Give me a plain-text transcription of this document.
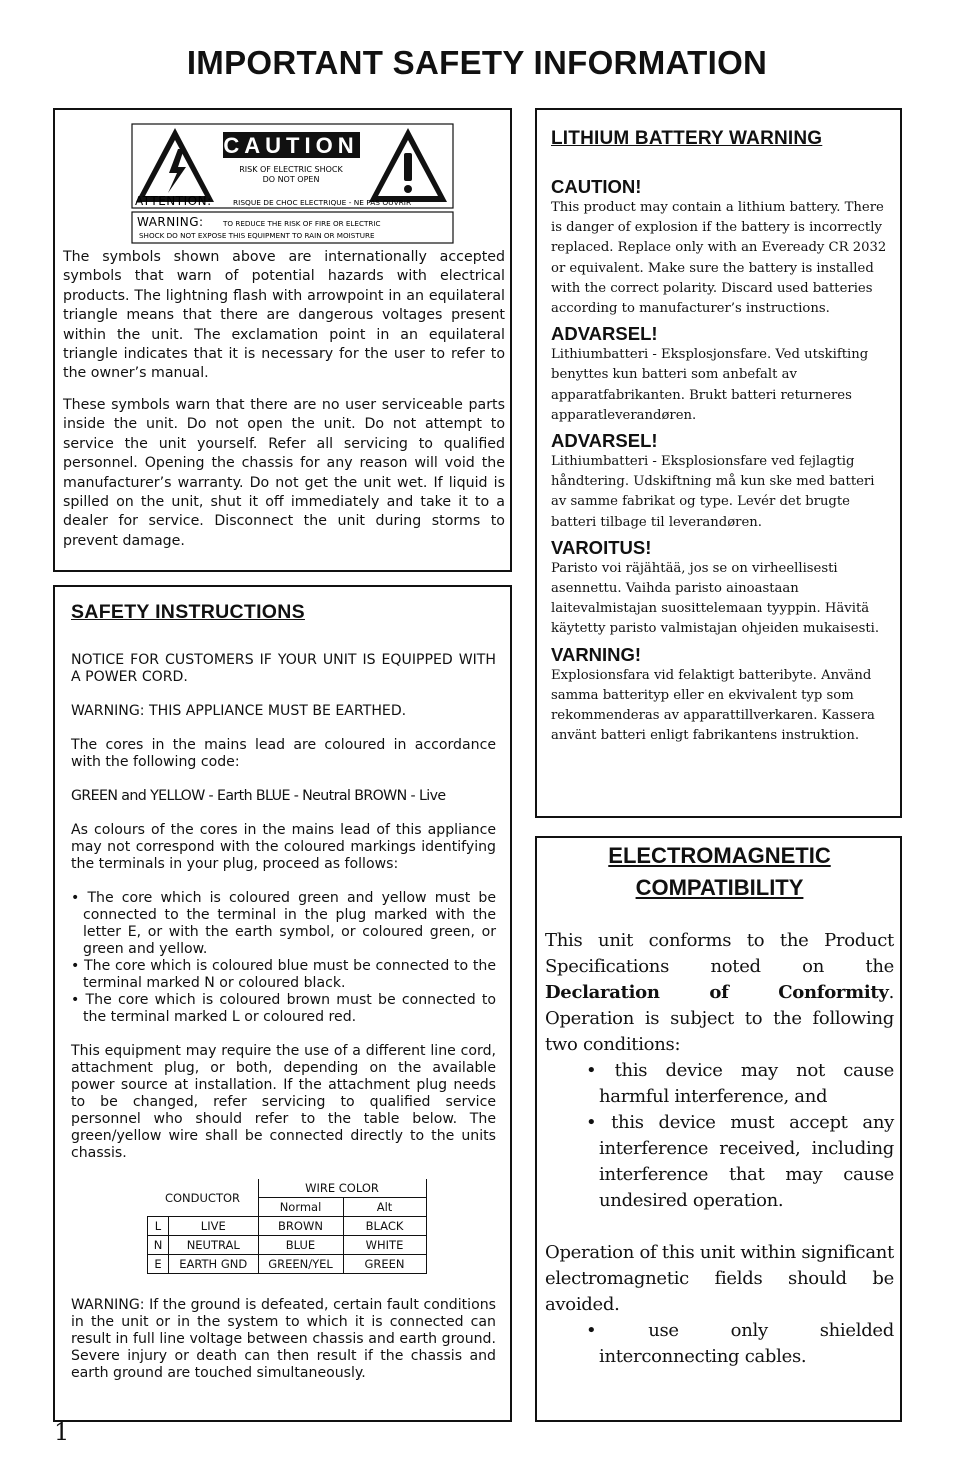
IMPORTANT SAFETY INFORMATION
CAUTION
RISK OF ELECTRIC SHOCK
DO NOT OPEN
ATTENTION:	RISQUE DE CHOC ELECTRIQUE - NE PAS OUVRIR
WARNING:	TO REDUCE THE RISK OF FIRE OR ELECTRIC
SHOCK DO NOT EXPOSE THIS EQUIPMENT TO RAIN OR MOISTURE

The symbols shown above are internationally accepted symbols that warn of potential hazards with electrical products. The lightning flash with arrowpoint in an equilateral triangle means that there are dangerous voltages present within the unit. The exclamation point in an equilateral triangle indicates that it is necessary for the user to refer to the owner’s manual.

These symbols warn that there are no user serviceable parts inside the unit. Do not open the unit. Do not attempt to service the unit yourself. Refer all servicing to qualified personnel. Opening the chassis for any reason will void the manufacturer’s warranty. Do not get the unit wet. If liquid is spilled on the unit, shut it off immediately and take it to a dealer for service. Disconnect the unit during storms to prevent damage.

LITHIUM BATTERY WARNING
CAUTION!

This product may contain a lithium battery. There is danger of explosion if the battery is incorrectly replaced. Replace only with an Eveready CR 2032 or equivalent. Make sure the battery is installed with the correct polarity. Discard used batteries according to manufacturer’s instructions.

ADVARSEL!

Lithiumbatteri - Eksplosjonsfare. Ved utskifting benyttes kun batteri som anbefalt av apparatfabrikanten. Brukt batteri returneres apparatleverandøren.

ADVARSEL!

Lithiumbatteri - Eksplosionsfare ved fejlagtig håndtering. Udskiftning må kun ske med batteri av samme fabrikat og type. Levér det brugte batteri tilbage til leverandøren.

VAROITUS!

Paristo voi räjähtää, jos se on virheellisesti asennettu. Vaihda paristo ainoastaan laitevalmistajan suosittelemaan tyyppin. Hävitä käytetty paristo valmistajan ohjeiden mukaisesti.

VARNING!

Explosionsfara vid felaktigt batteribyte. Använd samma batterityp eller en ekvivalent typ som rekommenderas av apparattillverkaren. Kassera använt batteri enligt fabrikantens instruktion.

SAFETY INSTRUCTIONS

NOTICE FOR CUSTOMERS IF YOUR UNIT IS EQUIPPED WITH A POWER CORD.

WARNING: THIS APPLIANCE MUST BE EARTHED.

The cores in the mains lead are coloured in accordance with the following code:

GREEN and YELLOW - Earth BLUE - Neutral BROWN - Live

As colours of the cores in the mains lead of this appliance may not correspond with the coloured markings identifying the terminals in your plug, proceed as follows:

• The core which is coloured green and yellow must be connected to the terminal in the plug marked with the letter E, or with the earth symbol, or coloured green, or green and yellow.
• The core which is coloured blue must be connected to the terminal marked N or coloured black.
• The core which is coloured brown must be connected to the terminal marked L or coloured red.

This equipment may require the use of a different line cord, attachment plug, or both, depending on the available power source at installation. If the attachment plug needs to be changed, refer servicing to qualified service personnel who should refer to the table below. The green/yellow wire shall be connected directly to the units chassis.

CONDUCTOR		WIRE COLOR	
		Normal	Alt
L	LIVE	BROWN	BLACK
N	NEUTRAL	BLUE	WHITE
E	EARTH GND	GREEN/YEL	GREEN

WARNING: If the ground is defeated, certain fault conditions in the unit or in the system to which it is connected can result in full line voltage between chassis and earth ground. Severe injury or death can then result if the chassis and earth ground are touched simultaneously.

ELECTROMAGNETIC
COMPATIBILITY

This unit conforms to the Product Specifications noted on the Declaration of Conformity. Operation is subject to the following two conditions:

• this device may not cause harmful interference, and
• this device must accept any interference received, including interference that may cause undesired operation.

Operation of this unit within significant electromagnetic fields should be avoided.

• use only shielded interconnecting cables.
1
